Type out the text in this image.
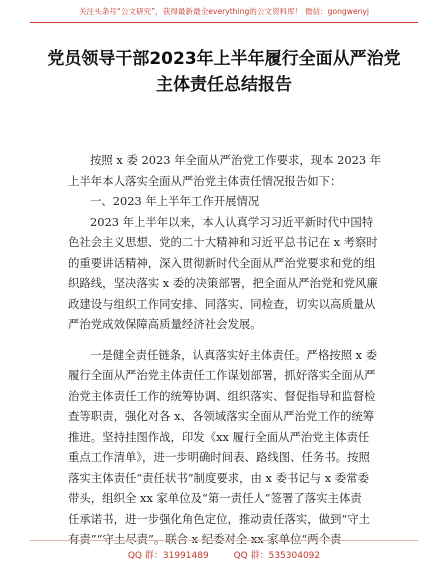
关注头条号“公文研究”，获得最新最全everything的公文资料库！ 微信：gongwenyj
党员领导干部2023年上半年履行全面从严治党
主体责任总结报告
按照 x 委 2023 年全面从严治党工作要求，现本 2023 年
上半年本人落实全面从严治党主体责任情况报告如下：
一、2023 年上半年工作开展情况
2023 年上半年以来，本人认真学习习近平新时代中国特
色社会主义思想、党的二十大精神和习近平总书记在 x 考察时
的重要讲话精神，深入贯彻新时代全面从严治党要求和党的组
织路线，坚决落实 x 委的决策部署，把全面从严治党和党风廉
政建设与组织工作同安排、同落实、同检查，切实以高质量从
严治党成效保障高质量经济社会发展。
一是健全责任链条，认真落实好主体责任。严格按照 x 委
履行全面从严治党主体责任工作谋划部署，抓好落实全面从严
治党主体责任工作的统筹协调、组织落实、督促指导和监督检
查等职责，强化对各 x、各领域落实全面从严治党工作的统筹
推进。坚持挂图作战，印发《xx 履行全面从严治党主体责任
重点工作清单》，进一步明确时间表、路线图、任务书。按照
落实主体责任“责任状书”制度要求，由 x 委书记与 x 委常委
带头，组织全 xx 家单位及“第一责任人”签署了落实主体责
任承诺书，进一步强化角色定位，推动责任落实，做到“守土
有责”“守土尽责”。联合 x 纪委对全 xx 家单位“两个责
QQ 群：31991489	QQ 群：535304092
